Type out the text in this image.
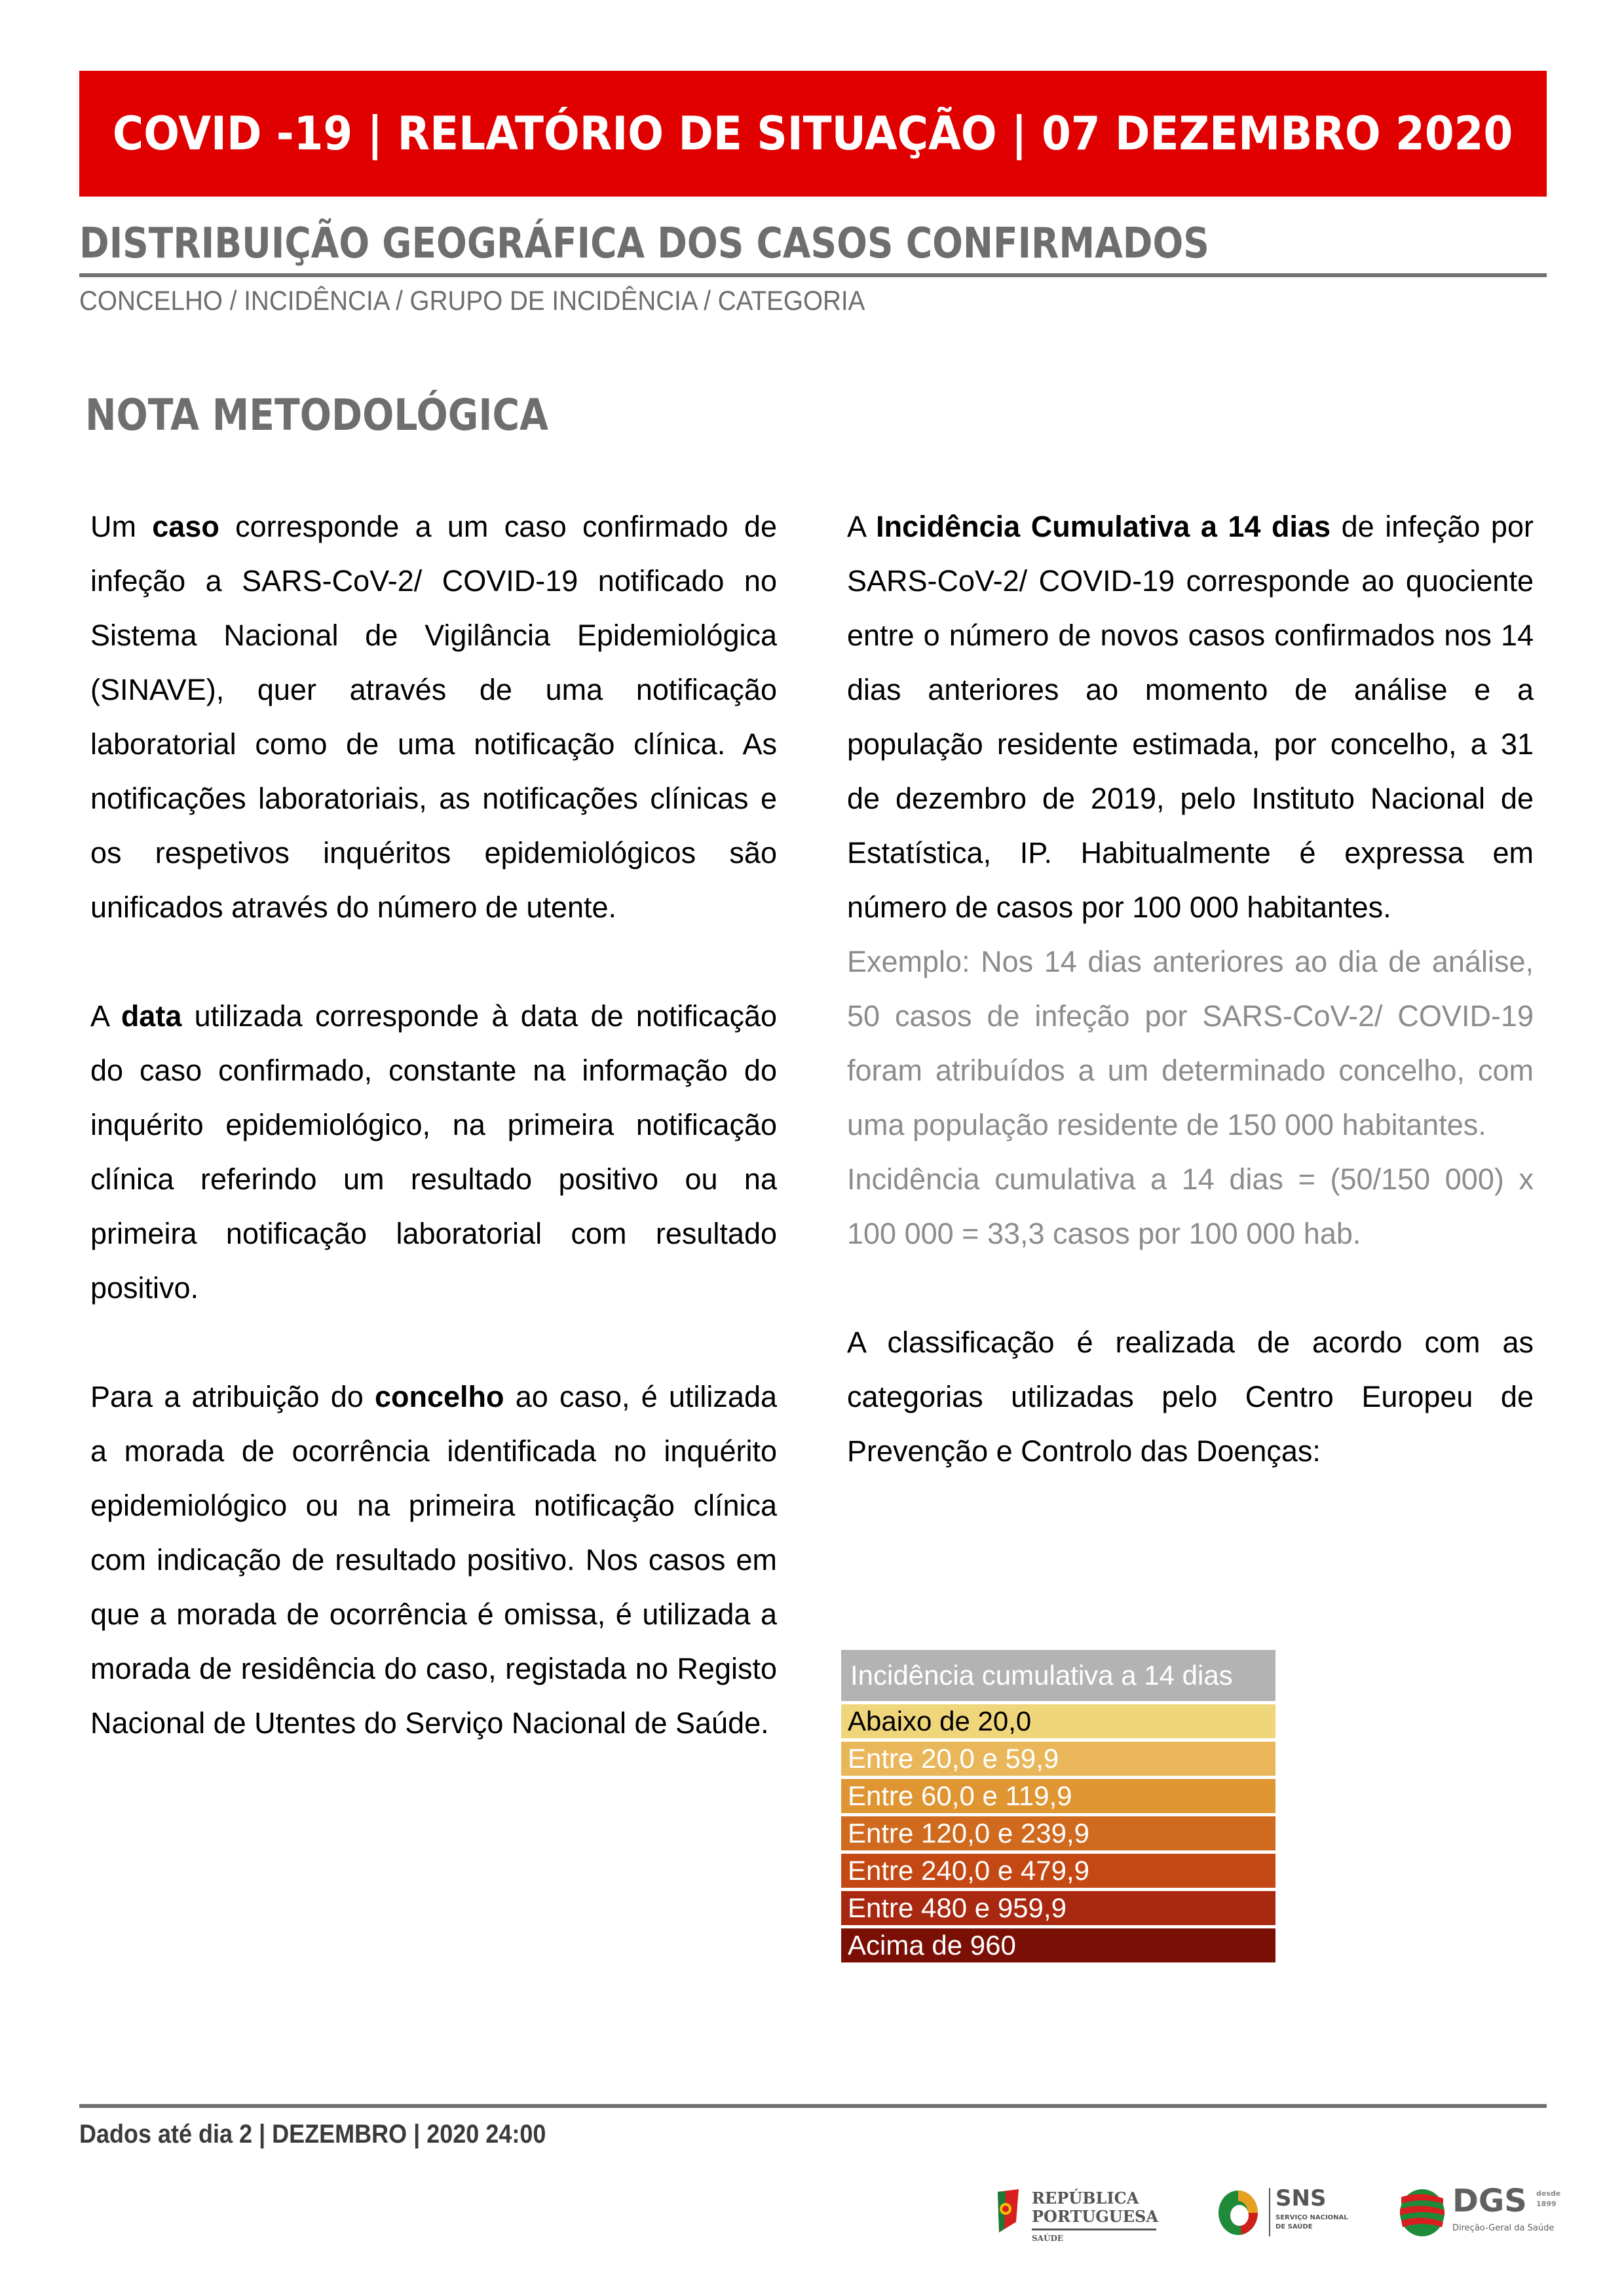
COVID -19 | RELATÓRIO DE SITUAÇÃO | 07 DEZEMBRO 2020
DISTRIBUIÇÃO GEOGRÁFICA DOS CASOS CONFIRMADOS
CONCELHO / INCIDÊNCIA / GRUPO DE INCIDÊNCIA / CATEGORIA
NOTA METODOLÓGICA

Um caso corresponde a um caso confirmado de infeção a SARS-CoV-2/ COVID-19 notificado no Sistema Nacional de Vigilância Epidemiológica (SINAVE), quer através de uma notificação laboratorial como de uma notificação clínica. As notificações laboratoriais, as notificações clínicas e os respetivos inquéritos epidemiológicos são unificados através do número de utente.

A data utilizada corresponde à data de notificação do caso confirmado, constante na informação do inquérito epidemiológico, na primeira notificação clínica referindo um resultado positivo ou na primeira notificação laboratorial com resultado positivo.

Para a atribuição do concelho ao caso, é utilizada a morada de ocorrência identificada no inquérito epidemiológico ou na primeira notificação clínica com indicação de resultado positivo. Nos casos em que a morada de ocorrência é omissa, é utilizada a morada de residência do caso, registada no Registo Nacional de Utentes do Serviço Nacional de Saúde.

A Incidência Cumulativa a 14 dias de infeção por SARS-CoV-2/ COVID-19 corresponde ao quociente entre o número de novos casos confirmados nos 14 dias anteriores ao momento de análise e a população residente estimada, por concelho, a 31 de dezembro de 2019, pelo Instituto Nacional de Estatística, IP. Habitualmente é expressa em número de casos por 100 000 habitantes.

Exemplo: Nos 14 dias anteriores ao dia de análise, 50 casos de infeção por SARS-CoV-2/ COVID-19 foram atribuídos a um determinado concelho, com uma população residente de 150 000 habitantes.

Incidência cumulativa a 14 dias = (50/150 000) x 100 000 = 33,3 casos por 100 000 hab.

A classificação é realizada de acordo com as categorias utilizadas pelo Centro Europeu de Prevenção e Controlo das Doenças:

Incidência cumulativa a 14 dias
Abaixo de 20,0
Entre 20,0 e 59,9
Entre 60,0 e 119,9
Entre 120,0 e 239,9
Entre 240,0 e 479,9
Entre 480 e 959,9
Acima de 960
Dados até dia 2 | DEZEMBRO | 2020 24:00
REPÚBLICA
PORTUGUESA
SAÚDE
SNS
SERVIÇO NACIONAL
DE SAÚDE
DGS desde
1899
Direção-Geral da Saúde
